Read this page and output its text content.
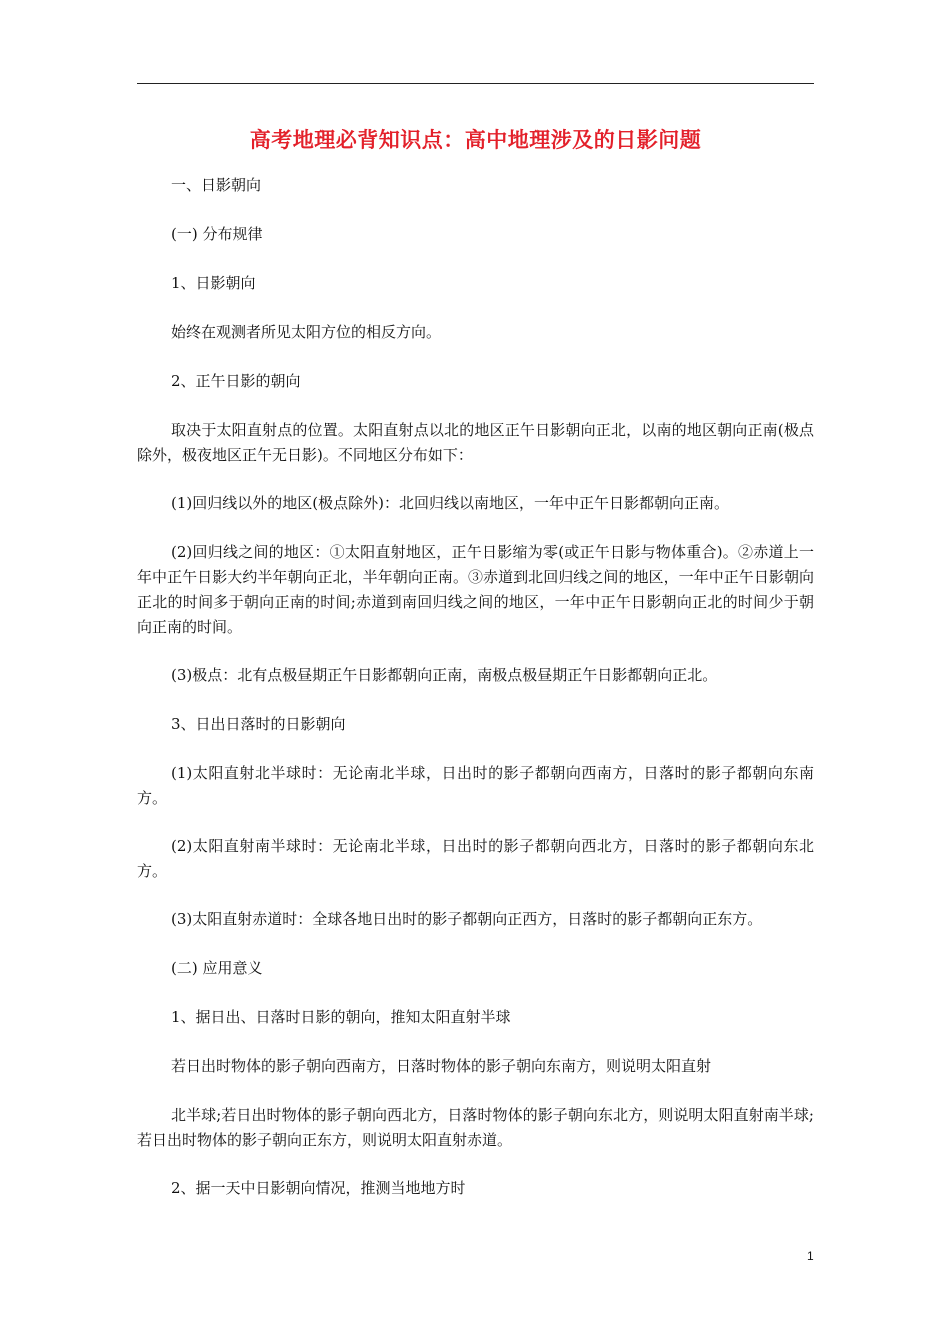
高考地理必背知识点：高中地理涉及的日影问题

一、日影朝向

(一) 分布规律

1、日影朝向

始终在观测者所见太阳方位的相反方向。

2、正午日影的朝向

取决于太阳直射点的位置。太阳直射点以北的地区正午日影朝向正北，以南的地区朝向正南(极点除外，极夜地区正午无日影)。不同地区分布如下：

(1)回归线以外的地区(极点除外)：北回归线以南地区，一年中正午日影都朝向正南。

(2)回归线之间的地区：①太阳直射地区，正午日影缩为零(或正午日影与物体重合)。②赤道上一年中正午日影大约半年朝向正北，半年朝向正南。③赤道到北回归线之间的地区，一年中正午日影朝向正北的时间多于朝向正南的时间;赤道到南回归线之间的地区，一年中正午日影朝向正北的时间少于朝向正南的时间。

(3)极点：北有点极昼期正午日影都朝向正南，南极点极昼期正午日影都朝向正北。

3、日出日落时的日影朝向

(1)太阳直射北半球时：无论南北半球，日出时的影子都朝向西南方，日落时的影子都朝向东南方。

(2)太阳直射南半球时：无论南北半球，日出时的影子都朝向西北方，日落时的影子都朝向东北方。

(3)太阳直射赤道时：全球各地日出时的影子都朝向正西方，日落时的影子都朝向正东方。

(二) 应用意义

1、据日出、日落时日影的朝向，推知太阳直射半球

若日出时物体的影子朝向西南方，日落时物体的影子朝向东南方，则说明太阳直射

北半球;若日出时物体的影子朝向西北方，日落时物体的影子朝向东北方，则说明太阳直射南半球;若日出时物体的影子朝向正东方，则说明太阳直射赤道。

2、据一天中日影朝向情况，推测当地地方时

1
